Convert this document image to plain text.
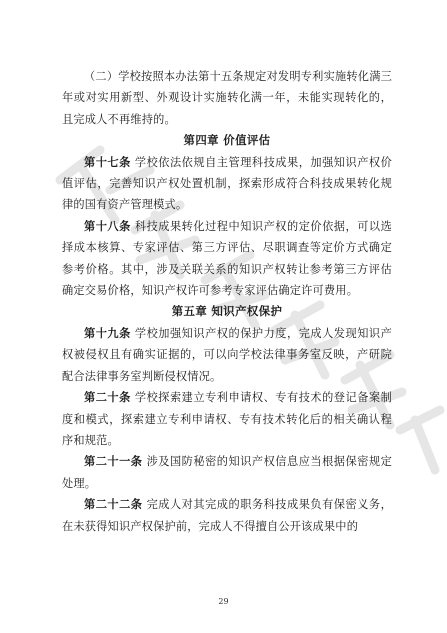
（二）学校按照本办法第十五条规定对发明专利实施转化满三年或对实用新型、外观设计实施转化满一年，未能实现转化的，且完成人不再维持的。

第四章 价值评估

第十七条 学校依法依规自主管理科技成果，加强知识产权价值评估，完善知识产权处置机制，探索形成符合科技成果转化规律的国有资产管理模式。

第十八条 科技成果转化过程中知识产权的定价依据，可以选择成本核算、专家评估、第三方评估、尽职调查等定价方式确定参考价格。其中，涉及关联关系的知识产权转让参考第三方评估确定交易价格，知识产权许可参考专家评估确定许可费用。

第五章 知识产权保护

第十九条 学校加强知识产权的保护力度，完成人发现知识产权被侵权且有确实证据的，可以向学校法律事务室反映，产研院配合法律事务室判断侵权情况。

第二十条 学校探索建立专利申请权、专有技术的登记备案制度和模式，探索建立专利申请权、专有技术转化后的相关确认程序和规范。

第二十一条 涉及国防秘密的知识产权信息应当根据保密规定处理。

第二十二条 完成人对其完成的职务科技成果负有保密义务，在未获得知识产权保护前，完成人不得擅自公开该成果中的

29
